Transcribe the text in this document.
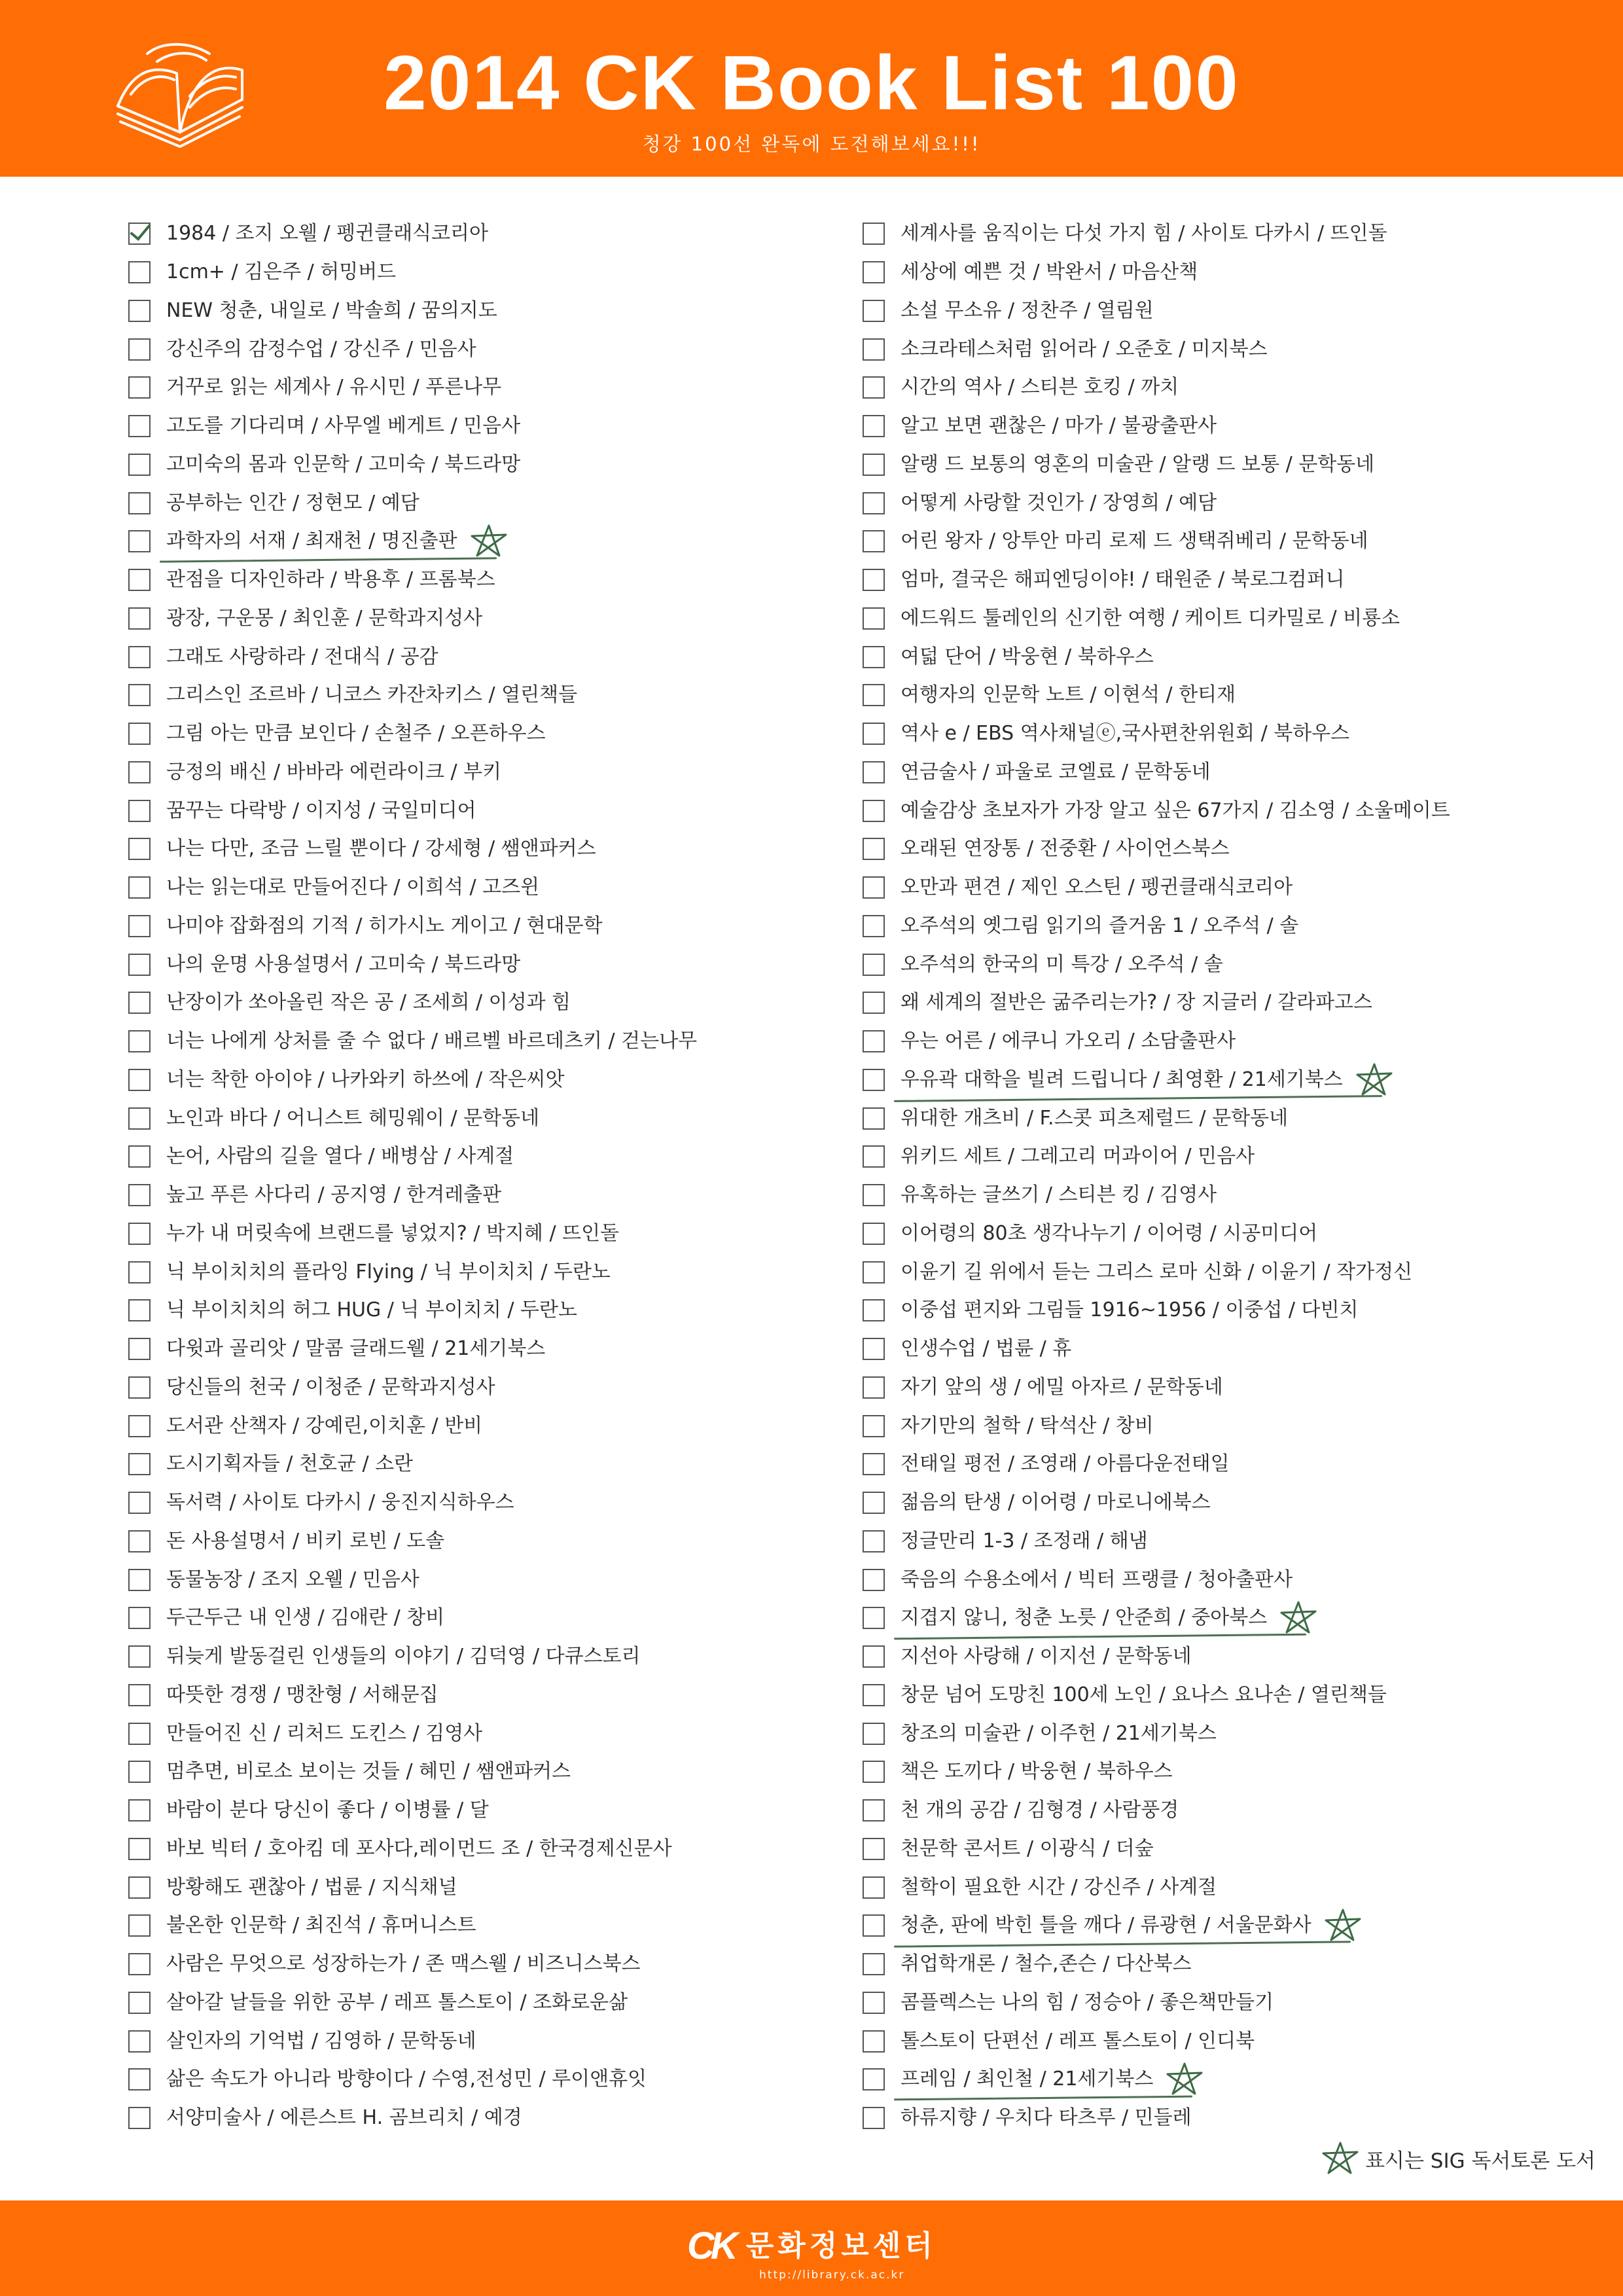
2014 CK Book List 100
청강 100선 완독에 도전해보세요!!!
1984 / 조지 오웰 / 펭귄클래식코리아
1cm+ / 김은주 / 허밍버드
NEW 청춘, 내일로 / 박솔희 / 꿈의지도
강신주의 감정수업 / 강신주 / 민음사
거꾸로 읽는 세계사 / 유시민 / 푸른나무
고도를 기다리며 / 사무엘 베게트 / 민음사
고미숙의 몸과 인문학 / 고미숙 / 북드라망
공부하는 인간 / 정현모 / 예담
과학자의 서재 / 최재천 / 명진출판
관점을 디자인하라 / 박용후 / 프롬북스
광장, 구운몽 / 최인훈 / 문학과지성사
그래도 사랑하라 / 전대식 / 공감
그리스인 조르바 / 니코스 카잔차키스 / 열린책들
그림 아는 만큼 보인다 / 손철주 / 오픈하우스
긍정의 배신 / 바바라 에런라이크 / 부키
꿈꾸는 다락방 / 이지성 / 국일미디어
나는 다만, 조금 느릴 뿐이다 / 강세형 / 쌤앤파커스
나는 읽는대로 만들어진다 / 이희석 / 고즈윈
나미야 잡화점의 기적 / 히가시노 게이고 / 현대문학
나의 운명 사용설명서 / 고미숙 / 북드라망
난장이가 쏘아올린 작은 공 / 조세희 / 이성과 힘
너는 나에게 상처를 줄 수 없다 / 배르벨 바르데츠키 / 걷는나무
너는 착한 아이야 / 나카와키 하쓰에 / 작은씨앗
노인과 바다 / 어니스트 헤밍웨이 / 문학동네
논어, 사람의 길을 열다 / 배병삼 / 사계절
높고 푸른 사다리 / 공지영 / 한겨레출판
누가 내 머릿속에 브랜드를 넣었지? / 박지혜 / 뜨인돌
닉 부이치치의 플라잉 Flying / 닉 부이치치 / 두란노
닉 부이치치의 허그 HUG / 닉 부이치치 / 두란노
다윗과 골리앗 / 말콤 글래드웰 / 21세기북스
당신들의 천국 / 이청준 / 문학과지성사
도서관 산책자 / 강예린,이치훈 / 반비
도시기획자들 / 천호균 / 소란
독서력 / 사이토 다카시 / 웅진지식하우스
돈 사용설명서 / 비키 로빈 / 도솔
동물농장 / 조지 오웰 / 민음사
두근두근 내 인생 / 김애란 / 창비
뒤늦게 발동걸린 인생들의 이야기 / 김덕영 / 다큐스토리
따뜻한 경쟁 / 맹찬형 / 서해문집
만들어진 신 / 리처드 도킨스 / 김영사
멈추면, 비로소 보이는 것들 / 혜민 / 쌤앤파커스
바람이 분다 당신이 좋다 / 이병률 / 달
바보 빅터 / 호아킴 데 포사다,레이먼드 조 / 한국경제신문사
방황해도 괜찮아 / 법륜 / 지식채널
불온한 인문학 / 최진석 / 휴머니스트
사람은 무엇으로 성장하는가 / 존 맥스웰 / 비즈니스북스
살아갈 날들을 위한 공부 / 레프 톨스토이 / 조화로운삶
살인자의 기억법 / 김영하 / 문학동네
삶은 속도가 아니라 방향이다 / 수영,전성민 / 루이앤휴잇
서양미술사 / 에른스트 H. 곰브리치 / 예경
세계사를 움직이는 다섯 가지 힘 / 사이토 다카시 / 뜨인돌
세상에 예쁜 것 / 박완서 / 마음산책
소설 무소유 / 정찬주 / 열림원
소크라테스처럼 읽어라 / 오준호 / 미지북스
시간의 역사 / 스티븐 호킹 / 까치
알고 보면 괜찮은 / 마가 / 불광출판사
알랭 드 보통의 영혼의 미술관 / 알랭 드 보통 / 문학동네
어떻게 사랑할 것인가 / 장영희 / 예담
어린 왕자 / 앙투안 마리 로제 드 생택쥐베리 / 문학동네
엄마, 결국은 해피엔딩이야! / 태원준 / 북로그컴퍼니
에드워드 툴레인의 신기한 여행 / 케이트 디카밀로 / 비룡소
여덟 단어 / 박웅현 / 북하우스
여행자의 인문학 노트 / 이현석 / 한티재
역사 e / EBS 역사채널ⓔ,국사편찬위원회 / 북하우스
연금술사 / 파울로 코엘료 / 문학동네
예술감상 초보자가 가장 알고 싶은 67가지 / 김소영 / 소울메이트
오래된 연장통 / 전중환 / 사이언스북스
오만과 편견 / 제인 오스틴 / 펭귄클래식코리아
오주석의 옛그림 읽기의 즐거움 1 / 오주석 / 솔
오주석의 한국의 미 특강 / 오주석 / 솔
왜 세계의 절반은 굶주리는가? / 장 지글러 / 갈라파고스
우는 어른 / 에쿠니 가오리 / 소담출판사
우유곽 대학을 빌려 드립니다 / 최영환 / 21세기북스
위대한 개츠비 / F.스콧 피츠제럴드 / 문학동네
위키드 세트 / 그레고리 머과이어 / 민음사
유혹하는 글쓰기 / 스티븐 킹 / 김영사
이어령의 80초 생각나누기 / 이어령 / 시공미디어
이윤기 길 위에서 듣는 그리스 로마 신화 / 이윤기 / 작가정신
이중섭 편지와 그림들 1916~1956 / 이중섭 / 다빈치
인생수업 / 법륜 / 휴
자기 앞의 생 / 에밀 아자르 / 문학동네
자기만의 철학 / 탁석산 / 창비
전태일 평전 / 조영래 / 아름다운전태일
젊음의 탄생 / 이어령 / 마로니에북스
정글만리 1-3 / 조정래 / 해냄
죽음의 수용소에서 / 빅터 프랭클 / 청아출판사
지겹지 않니, 청춘 노릇 / 안준희 / 중아북스
지선아 사랑해 / 이지선 / 문학동네
창문 넘어 도망친 100세 노인 / 요나스 요나손 / 열린책들
창조의 미술관 / 이주헌 / 21세기북스
책은 도끼다 / 박웅현 / 북하우스
천 개의 공감 / 김형경 / 사람풍경
천문학 콘서트 / 이광식 / 더숲
철학이 필요한 시간 / 강신주 / 사계절
청춘, 판에 박힌 틀을 깨다 / 류광현 / 서울문화사
취업학개론 / 철수,존슨 / 다산북스
콤플렉스는 나의 힘 / 정승아 / 좋은책만들기
톨스토이 단편선 / 레프 톨스토이 / 인디북
프레임 / 최인철 / 21세기북스
하류지향 / 우치다 타츠루 / 민들레
표시는 SIG 독서토론 도서
CK 문화정보센터
http://library.ck.ac.kr
